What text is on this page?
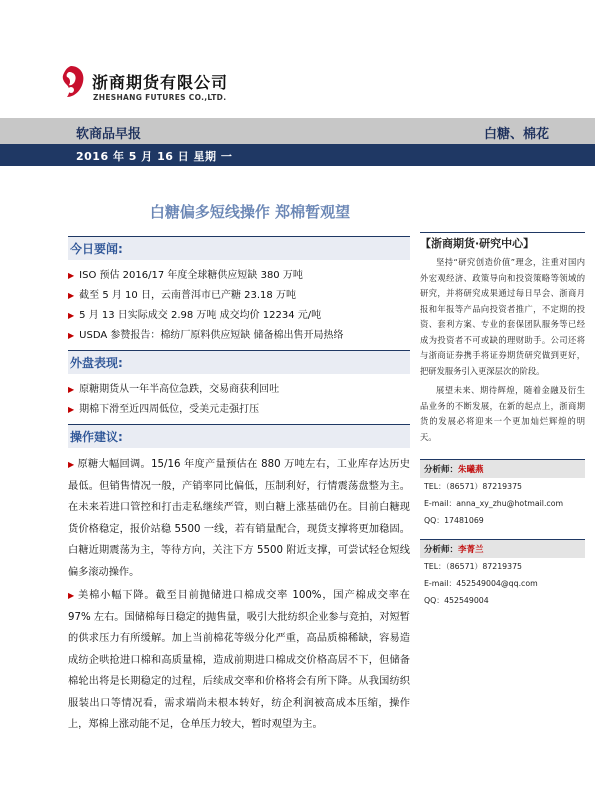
浙商期货有限公司
ZHESHANG FUTURES CO.,LTD.
软商品早报	白糖、棉花
2016 年 5 月 16 日 星期 一
白糖偏多短线操作 郑棉暂观望
今日要闻:
▶ ISO 预估 2016/17 年度全球糖供应短缺 380 万吨
▶ 截至 5 月 10 日，云南普洱市已产糖 23.18 万吨
▶ 5 月 13 日实际成交 2.98 万吨 成交均价 12234 元/吨
▶ USDA 参赞报告：棉纺厂原料供应短缺 储备棉出售开局热络
外盘表现:
▶ 原糖期货从一年半高位急跌，交易商获利回吐
▶ 期棉下滑至近四周低位，受美元走强打压
操作建议:
▶ 原糖大幅回调。15/16 年度产量预估在 880 万吨左右，工业库存达历史最低。但销售情况一般，产销率同比偏低，压制利好，行情震荡盘整为主。在未来若进口管控和打击走私继续严管，则白糖上涨基础仍在。目前白糖现货价格稳定，报价站稳 5500 一线，若有销量配合，现货支撑将更加稳固。白糖近期震荡为主，等待方向，关注下方 5500 附近支撑，可尝试轻仓短线偏多滚动操作。
▶ 美棉小幅下降。截至目前抛储进口棉成交率 100%，国产棉成交率在 97% 左右。国储棉每日稳定的抛售量，吸引大批纺织企业参与竞拍，对短暂的供求压力有所缓解。加上当前棉花等级分化严重，高品质棉稀缺，容易造成纺企哄抢进口棉和高质量棉，造成前期进口棉成交价格高居不下，但储备棉轮出将是长期稳定的过程，后续成交率和价格将会有所下降。从我国纺织服装出口等情况看，需求端尚未根本转好，纺企利润被高成本压缩，操作上，郑棉上涨动能不足，仓单压力较大，暂时观望为主。
【浙商期货·研究中心】
坚持“研究创造价值”理念，注重对国内外宏观经济、政策导向和投资策略等领域的研究，并将研究成果通过每日早会、浙商月报和年报等产品向投资者推广，不定期的投资、套利方案、专业的套保团队服务等已经成为投资者不可或缺的理财助手。公司还将与浙商证券携手将证券期货研究做到更好，把研发服务引入更深层次的阶段。
展望未来、期待辉煌，随着金融及衍生品业务的不断发展，在新的起点上，浙商期货的发展必将迎来一个更加灿烂辉煌的明天。
分析师：朱曦燕
TEL：（86571）87219375
E-mail：anna_xy_zhu@hotmail.com
QQ：17481069
分析师：李菁兰
TEL：（86571）87219375
E-mail：452549004@qq.com
QQ：452549004
